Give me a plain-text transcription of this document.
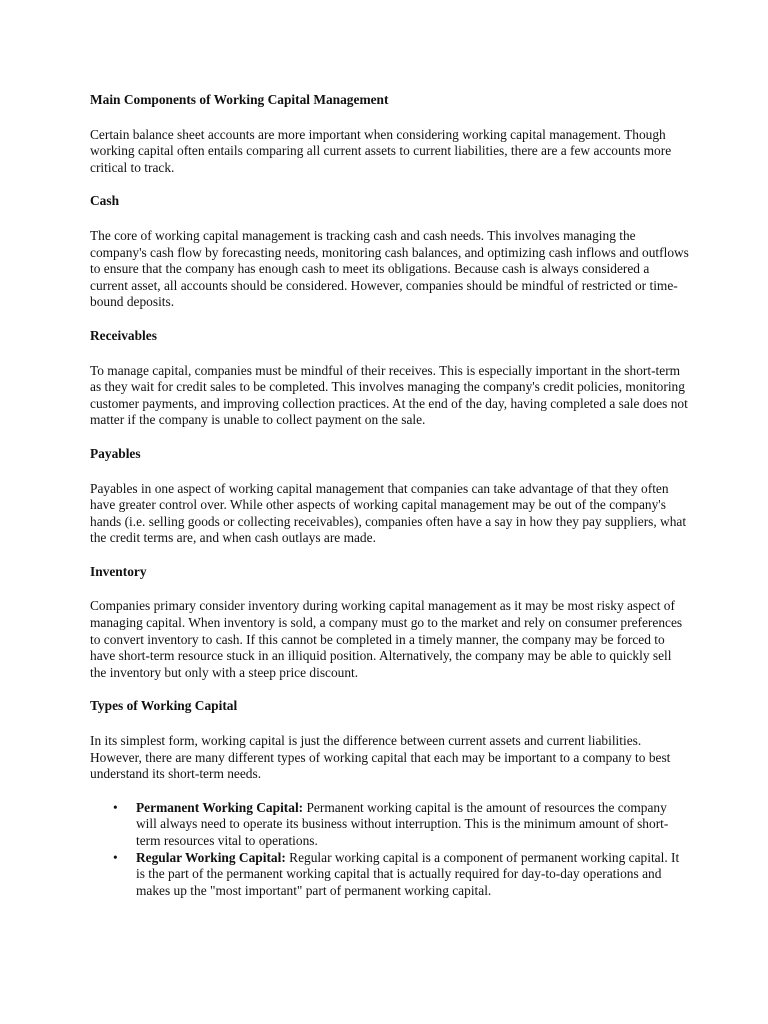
Main Components of Working Capital Management

Certain balance sheet accounts are more important when considering working capital management. Though working capital often entails comparing all current assets to current liabilities, there are a few accounts more critical to track.

Cash

The core of working capital management is tracking cash and cash needs. This involves managing the company's cash flow by forecasting needs, monitoring cash balances, and optimizing cash inflows and outflows to ensure that the company has enough cash to meet its obligations. Because cash is always considered a current asset, all accounts should be considered. However, companies should be mindful of restricted or time-bound deposits.

Receivables

To manage capital, companies must be mindful of their receives. This is especially important in the short-term as they wait for credit sales to be completed. This involves managing the company's credit policies, monitoring customer payments, and improving collection practices. At the end of the day, having completed a sale does not matter if the company is unable to collect payment on the sale.

Payables

Payables in one aspect of working capital management that companies can take advantage of that they often have greater control over. While other aspects of working capital management may be out of the company's hands (i.e. selling goods or collecting receivables), companies often have a say in how they pay suppliers, what the credit terms are, and when cash outlays are made.

Inventory

Companies primary consider inventory during working capital management as it may be most risky aspect of managing capital. When inventory is sold, a company must go to the market and rely on consumer preferences to convert inventory to cash. If this cannot be completed in a timely manner, the company may be forced to have short-term resource stuck in an illiquid position. Alternatively, the company may be able to quickly sell the inventory but only with a steep price discount.

Types of Working Capital

In its simplest form, working capital is just the difference between current assets and current liabilities. However, there are many different types of working capital that each may be important to a company to best understand its short-term needs.

• Permanent Working Capital: Permanent working capital is the amount of resources the company will always need to operate its business without interruption. This is the minimum amount of short-term resources vital to operations.
• Regular Working Capital: Regular working capital is a component of permanent working capital. It is the part of the permanent working capital that is actually required for day-to-day operations and makes up the "most important" part of permanent working capital.
